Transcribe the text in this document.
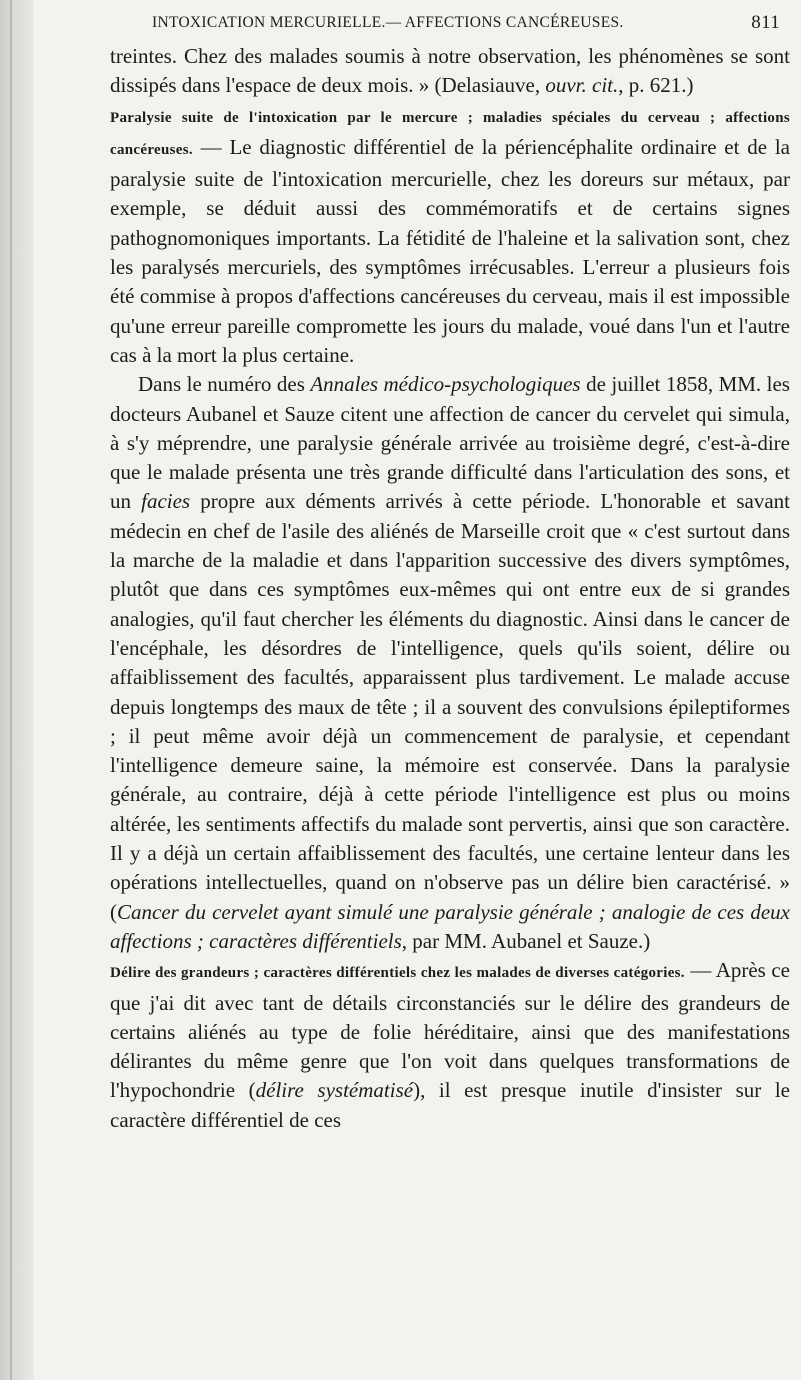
INTOXICATION MERCURIELLE.— AFFECTIONS CANCÉREUSES.	811

treintes. Chez des malades soumis à notre observation, les phénomènes se sont dissipés dans l'espace de deux mois. » (Delasiauve, ouvr. cit., p. 621.)

Paralysie suite de l'intoxication par le mercure ; maladies spéciales du cerveau ; affections cancéreuses. — Le diagnostic différentiel de la périencéphalite ordinaire et de la paralysie suite de l'intoxication mercurielle, chez les doreurs sur métaux, par exemple, se déduit aussi des commémoratifs et de certains signes pathognomoniques importants. La fétidité de l'haleine et la salivation sont, chez les paralysés mercuriels, des symptômes irrécusables. L'erreur a plusieurs fois été commise à propos d'affections cancéreuses du cerveau, mais il est impossible qu'une erreur pareille compromette les jours du malade, voué dans l'un et l'autre cas à la mort la plus certaine.

Dans le numéro des Annales médico-psychologiques de juillet 1858, MM. les docteurs Aubanel et Sauze citent une affection de cancer du cervelet qui simula, à s'y méprendre, une paralysie générale arrivée au troisième degré, c'est-à-dire que le malade présenta une très grande difficulté dans l'articulation des sons, et un facies propre aux déments arrivés à cette période. L'honorable et savant médecin en chef de l'asile des aliénés de Marseille croit que « c'est surtout dans la marche de la maladie et dans l'apparition successive des divers symptômes, plutôt que dans ces symptômes eux-mêmes qui ont entre eux de si grandes analogies, qu'il faut chercher les éléments du diagnostic. Ainsi dans le cancer de l'encéphale, les désordres de l'intelligence, quels qu'ils soient, délire ou affaiblissement des facultés, apparaissent plus tardivement. Le malade accuse depuis longtemps des maux de tête ; il a souvent des convulsions épileptiformes ; il peut même avoir déjà un commencement de paralysie, et cependant l'intelligence demeure saine, la mémoire est conservée. Dans la paralysie générale, au contraire, déjà à cette période l'intelligence est plus ou moins altérée, les sentiments affectifs du malade sont pervertis, ainsi que son caractère. Il y a déjà un certain affaiblissement des facultés, une certaine lenteur dans les opérations intellectuelles, quand on n'observe pas un délire bien caractérisé. » (Cancer du cervelet ayant simulé une paralysie générale ; analogie de ces deux affections ; caractères différentiels, par MM. Aubanel et Sauze.)

Délire des grandeurs ; caractères différentiels chez les malades de diverses catégories. — Après ce que j'ai dit avec tant de détails circonstanciés sur le délire des grandeurs de certains aliénés au type de folie héréditaire, ainsi que des manifestations délirantes du même genre que l'on voit dans quelques transformations de l'hypochondrie (délire systématisé), il est presque inutile d'insister sur le caractère différentiel de ces
